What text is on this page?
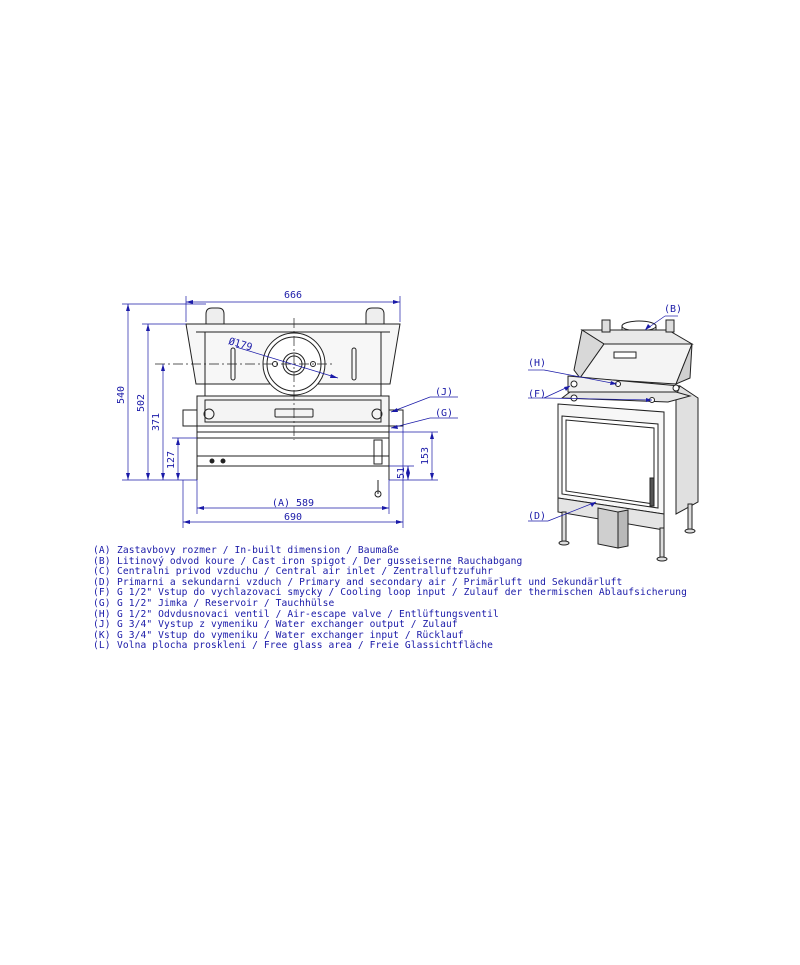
666
540 502
371
127
Ø179
(A) 589
690
153
51
(J)
(G)
(B)
(H)
(F)
(D)
(A) Zastavbovy rozmer / In-built dimension / Baumaße
(B) Litinový odvod koure / Cast iron spigot / Der gusseiserne Rauchabgang
(C) Centralni privod vzduchu / Central air inlet / Zentralluftzufuhr
(D) Primarni a sekundarni vzduch / Primary and secondary air / Primärluft und Sekundärluft
(F) G 1/2" Vstup do vychlazovaci smycky / Cooling loop input / Zulauf der thermischen Ablaufsicherung
(G) G 1/2" Jimka / Reservoir / Tauchhülse
(H) G 1/2" Odvdusnovaci ventil / Air-escape valve / Entlüftungsventil
(J) G 3/4" Vystup z vymeniku / Water exchanger output / Zulauf
(K) G 3/4" Vstup do vymeniku / Water exchanger input / Rücklauf
(L) Volna plocha proskleni / Free glass area / Freie Glassichtfläche
